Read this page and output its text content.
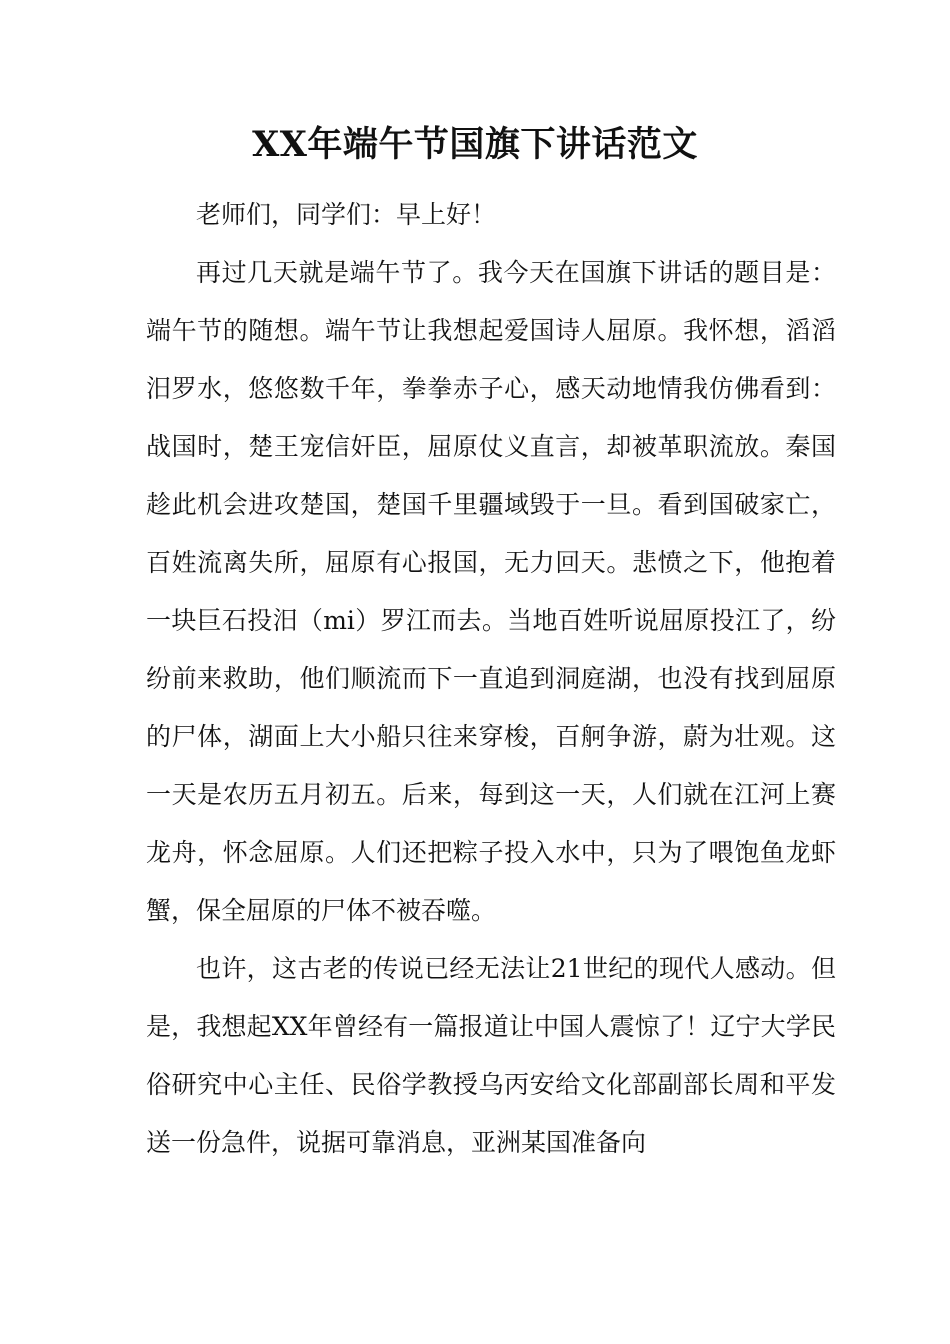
XX年端午节国旗下讲话范文

老师们，同学们：早上好！

再过几天就是端午节了。我今天在国旗下讲话的题目是：端午节的随想。端午节让我想起爱国诗人屈原。我怀想，滔滔汨罗水，悠悠数千年，拳拳赤子心，感天动地情我仿佛看到：战国时，楚王宠信奸臣，屈原仗义直言，却被革职流放。秦国趁此机会进攻楚国，楚国千里疆域毁于一旦。看到国破家亡，百姓流离失所，屈原有心报国，无力回天。悲愤之下，他抱着一块巨石投汨（mi）罗江而去。当地百姓听说屈原投江了，纷纷前来救助，他们顺流而下一直追到洞庭湖，也没有找到屈原的尸体，湖面上大小船只往来穿梭，百舸争游，蔚为壮观。这一天是农历五月初五。后来，每到这一天，人们就在江河上赛龙舟，怀念屈原。人们还把粽子投入水中，只为了喂饱鱼龙虾蟹，保全屈原的尸体不被吞噬。

也许，这古老的传说已经无法让21世纪的现代人感动。但是，我想起XX年曾经有一篇报道让中国人震惊了！辽宁大学民俗研究中心主任、民俗学教授乌丙安给文化部副部长周和平发送一份急件，说据可靠消息，亚洲某国准备向
